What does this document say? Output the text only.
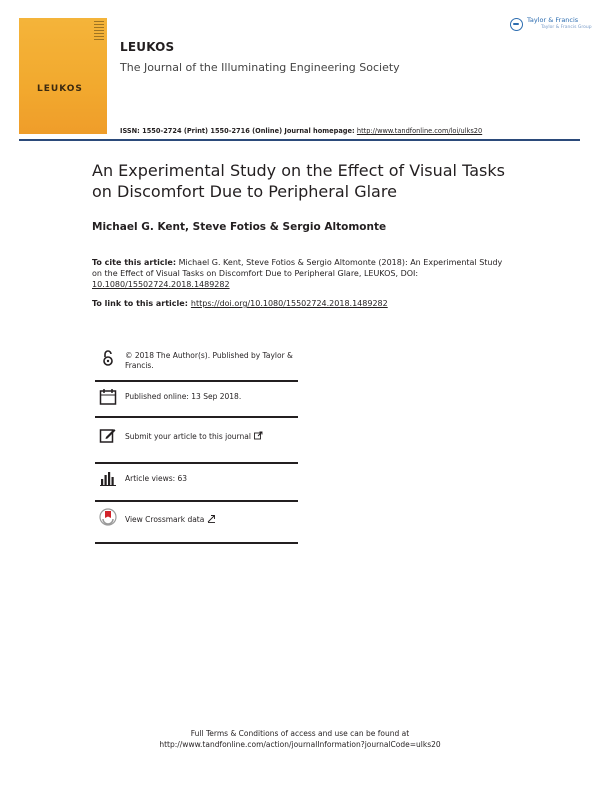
LEUKOS
LEUKOS
The Journal of the Illuminating Engineering Society
Taylor & Francis
Taylor & Francis Group
ISSN: 1550-2724 (Print) 1550-2716 (Online) Journal homepage: http://www.tandfonline.com/loi/ulks20
An Experimental Study on the Effect of Visual Tasks on Discomfort Due to Peripheral Glare
Michael G. Kent, Steve Fotios & Sergio Altomonte
To cite this article: Michael G. Kent, Steve Fotios & Sergio Altomonte (2018): An Experimental Study on the Effect of Visual Tasks on Discomfort Due to Peripheral Glare, LEUKOS, DOI: 10.1080/15502724.2018.1489282
To link to this article: https://doi.org/10.1080/15502724.2018.1489282
© 2018 The Author(s). Published by Taylor & Francis.
Published online: 13 Sep 2018.
Submit your article to this journal
Article views: 63
View Crossmark data
Full Terms & Conditions of access and use can be found at
http://www.tandfonline.com/action/journalInformation?journalCode=ulks20
